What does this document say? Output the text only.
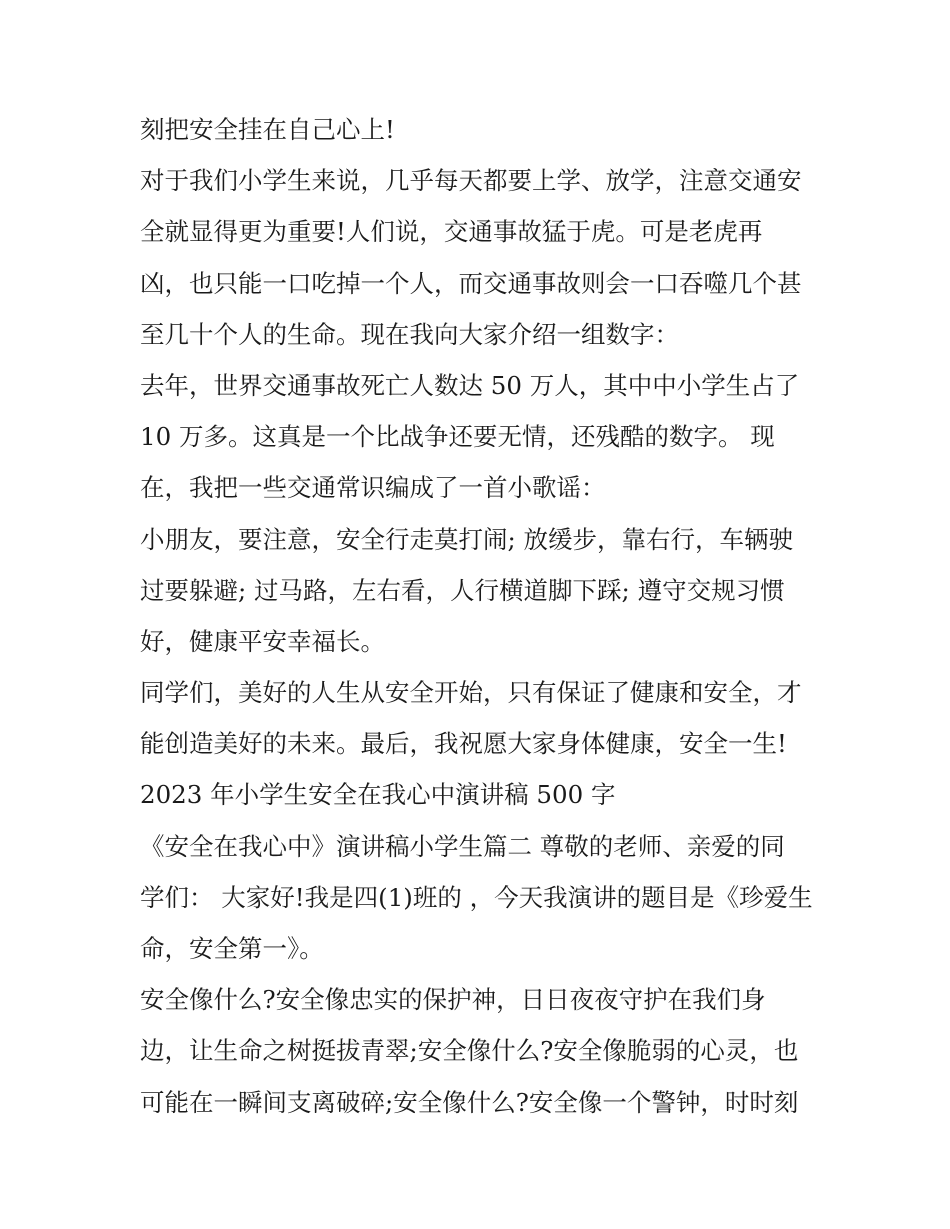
刻把安全挂在自己心上!
对于我们小学生来说，几乎每天都要上学、放学，注意交通安
全就显得更为重要!人们说，交通事故猛于虎。可是老虎再
凶，也只能一口吃掉一个人，而交通事故则会一口吞噬几个甚
至几十个人的生命。现在我向大家介绍一组数字：
去年，世界交通事故死亡人数达 50 万人，其中中小学生占了
10 万多。这真是一个比战争还要无情，还残酷的数字。 现
在，我把一些交通常识编成了一首小歌谣：
小朋友，要注意，安全行走莫打闹; 放缓步，靠右行，车辆驶
过要躲避; 过马路，左右看，人行横道脚下踩; 遵守交规习惯
好，健康平安幸福长。
同学们，美好的人生从安全开始，只有保证了健康和安全，才
能创造美好的未来。最后，我祝愿大家身体健康，安全一生!
2023 年小学生安全在我心中演讲稿 500 字
《安全在我心中》演讲稿小学生篇二 尊敬的老师、亲爱的同
学们： 大家好!我是四(1)班的 ，今天我演讲的题目是《珍爱生
命，安全第一》。
安全像什么?安全像忠实的保护神，日日夜夜守护在我们身
边，让生命之树挺拔青翠;安全像什么?安全像脆弱的心灵，也
可能在一瞬间支离破碎;安全像什么?安全像一个警钟，时时刻
